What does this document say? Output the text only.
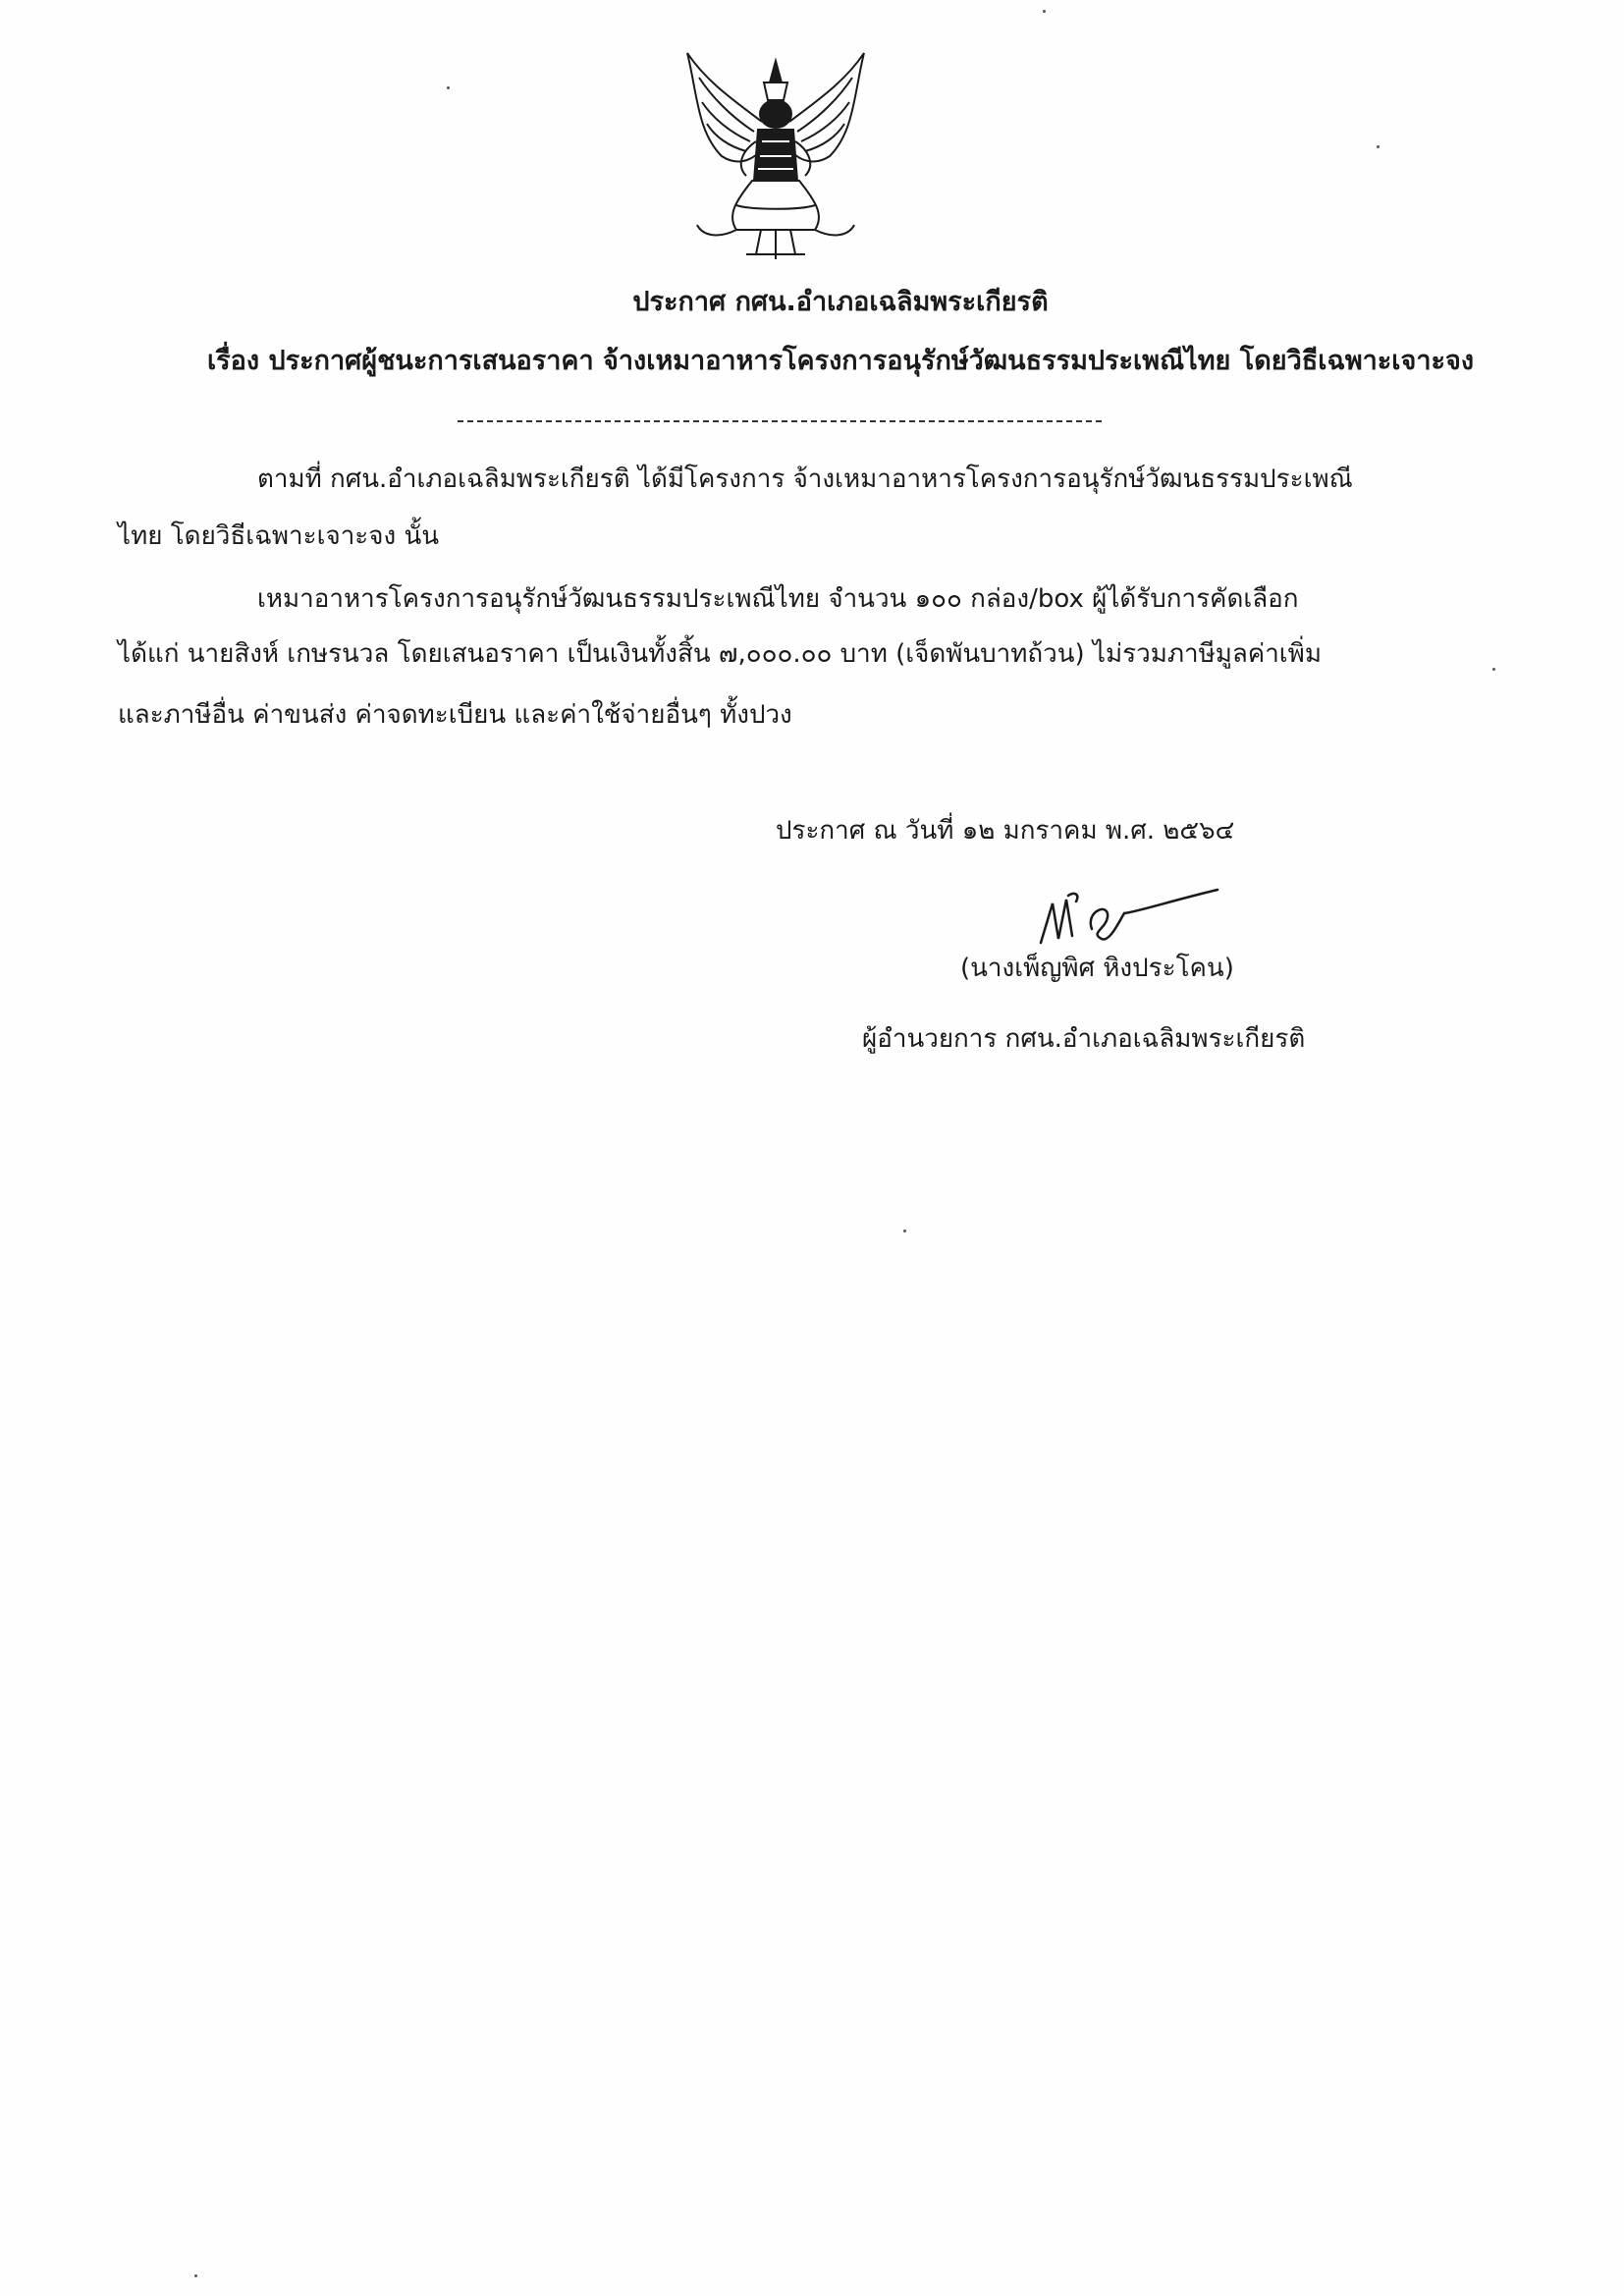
ประกาศ กศน.อำเภอเฉลิมพระเกียรติ
เรื่อง ประกาศผู้ชนะการเสนอราคา จ้างเหมาอาหารโครงการอนุรักษ์วัฒนธรรมประเพณีไทย โดยวิธีเฉพาะเจาะจง
ตามที่ กศน.อำเภอเฉลิมพระเกียรติ ได้มีโครงการ จ้างเหมาอาหารโครงการอนุรักษ์วัฒนธรรมประเพณี
ไทย โดยวิธีเฉพาะเจาะจง นั้น
เหมาอาหารโครงการอนุรักษ์วัฒนธรรมประเพณีไทย จำนวน ๑๐๐ กล่อง/box ผู้ได้รับการคัดเลือก
ได้แก่ นายสิงห์ เกษรนวล โดยเสนอราคา เป็นเงินทั้งสิ้น ๗,๐๐๐.๐๐ บาท (เจ็ดพันบาทถ้วน) ไม่รวมภาษีมูลค่าเพิ่ม
และภาษีอื่น ค่าขนส่ง ค่าจดทะเบียน และค่าใช้จ่ายอื่นๆ ทั้งปวง
ประกาศ ณ วันที่ ๑๒ มกราคม พ.ศ. ๒๕๖๔
(นางเพ็ญพิศ หิงประโคน)
ผู้อำนวยการ กศน.อำเภอเฉลิมพระเกียรติ
